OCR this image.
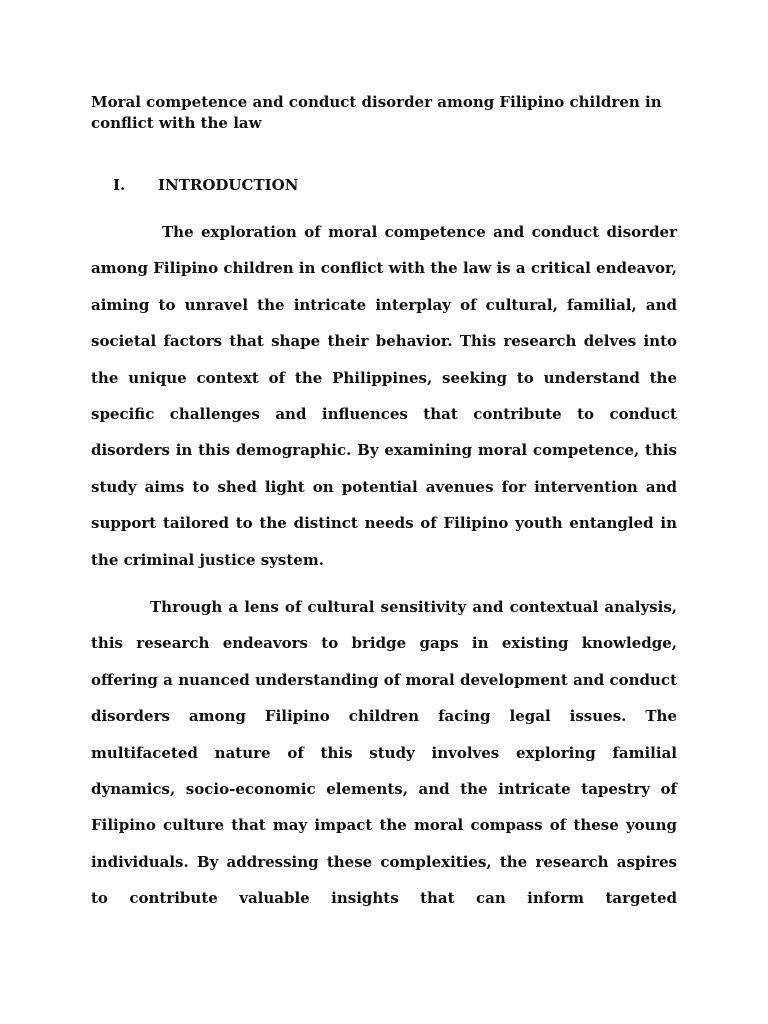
Moral competence and conduct disorder among Filipino children in conflict with the law
I. INTRODUCTION

The exploration of moral competence and conduct disorder among Filipino children in conflict with the law is a critical endeavor, aiming to unravel the intricate interplay of cultural, familial, and societal factors that shape their behavior. This research delves into the unique context of the Philippines, seeking to understand the specific challenges and influences that contribute to conduct disorders in this demographic. By examining moral competence, this study aims to shed light on potential avenues for intervention and support tailored to the distinct needs of Filipino youth entangled in the criminal justice system.

Through a lens of cultural sensitivity and contextual analysis, this research endeavors to bridge gaps in existing knowledge, offering a nuanced understanding of moral development and conduct disorders among Filipino children facing legal issues. The multifaceted nature of this study involves exploring familial dynamics, socio-economic elements, and the intricate tapestry of Filipino culture that may impact the moral compass of these young individuals. By addressing these complexities, the research aspires to contribute valuable insights that can inform targeted
